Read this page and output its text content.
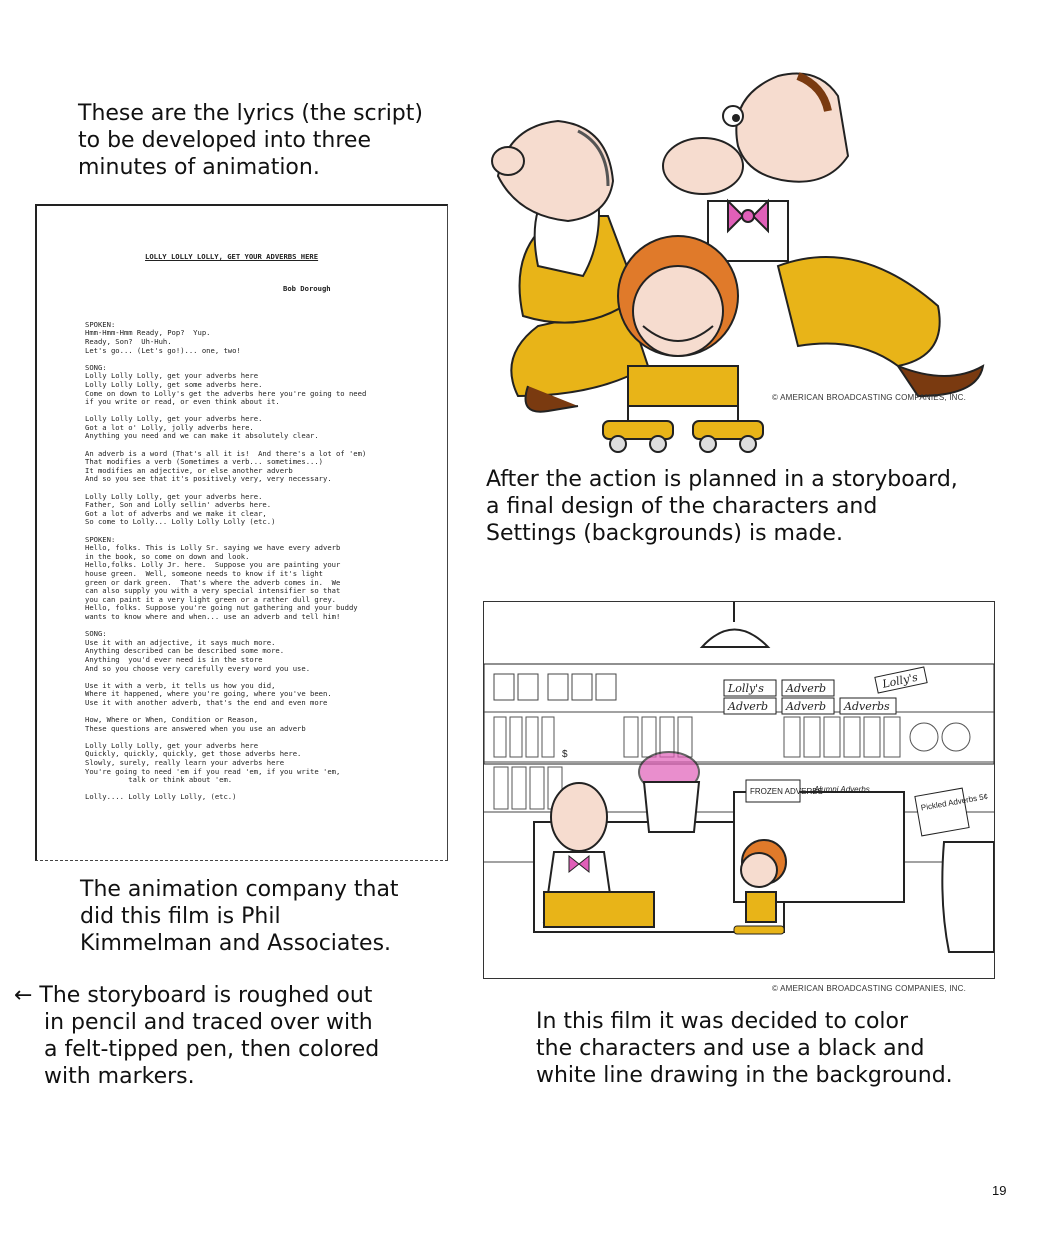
These are the lyrics (the script)
to be developed into three
minutes of animation.

LOLLY LOLLY LOLLY, GET YOUR ADVERBS HERE

Bob Dorough

SPOKEN:
Hmm-Hmm-Hmm Ready, Pop?  Yup.
Ready, Son?  Uh-Huh.
Let's go... (Let's go!)... one, two!
SONG:
Lolly Lolly Lolly, get your adverbs here
Lolly Lolly Lolly, get some adverbs here.
Come on down to Lolly's get the adverbs here you're going to need
if you write or read, or even think about it.
Lolly Lolly Lolly, get your adverbs here.
Got a lot o' Lolly, jolly adverbs here.
Anything you need and we can make it absolutely clear.
An adverb is a word (That's all it is!  And there's a lot of 'em)
That modifies a verb (Sometimes a verb... sometimes...)
It modifies an adjective, or else another adverb
And so you see that it's positively very, very necessary.
Lolly Lolly Lolly, get your adverbs here.
Father, Son and Lolly sellin' adverbs here.
Got a lot of adverbs and we make it clear,
So come to Lolly... Lolly Lolly Lolly (etc.)
SPOKEN:
Hello, folks. This is Lolly Sr. saying we have every adverb
in the book, so come on down and look.
Hello,folks. Lolly Jr. here.  Suppose you are painting your
house green.  Well, someone needs to know if it's light
green or dark green.  That's where the adverb comes in.  We
can also supply you with a very special intensifier so that
you can paint it a very light green or a rather dull grey.
Hello, folks. Suppose you're going nut gathering and your buddy
wants to know where and when... use an adverb and tell him!
SONG:
Use it with an adjective, it says much more.
Anything described can be described some more.
Anything  you'd ever need is in the store
And so you choose very carefully every word you use.
Use it with a verb, it tells us how you did,
Where it happened, where you're going, where you've been.
Use it with another adverb, that's the end and even more
How, Where or When, Condition or Reason,
These questions are answered when you use an adverb
Lolly Lolly Lolly, get your adverbs here
Quickly, quickly, quickly, get those adverbs here.
Slowly, surely, really learn your adverbs here
You're going to need 'em if you read 'em, if you write 'em,
talk or think about 'em.
Lolly.... Lolly Lolly Lolly, (etc.)

The animation company that
did this film is Phil
Kimmelman and Associates.
← The storyboard is roughed out
in pencil and traced over with
a felt-tipped pen, then colored
with markers.
© AMERICAN BROADCASTING COMPANIES, INC.
After the action is planned in a storyboard,
a final design of the characters and
Settings (backgrounds) is made.
Lolly's Adverb
Adverb Adverb Adverbs
Lolly's
FROZEN ADVERBS
Alumni Adverbs
Pickled Adverbs 5¢
$
© AMERICAN BROADCASTING COMPANIES, INC.
In this film it was decided to color
the characters and use a black and
white line drawing in the background.
19
